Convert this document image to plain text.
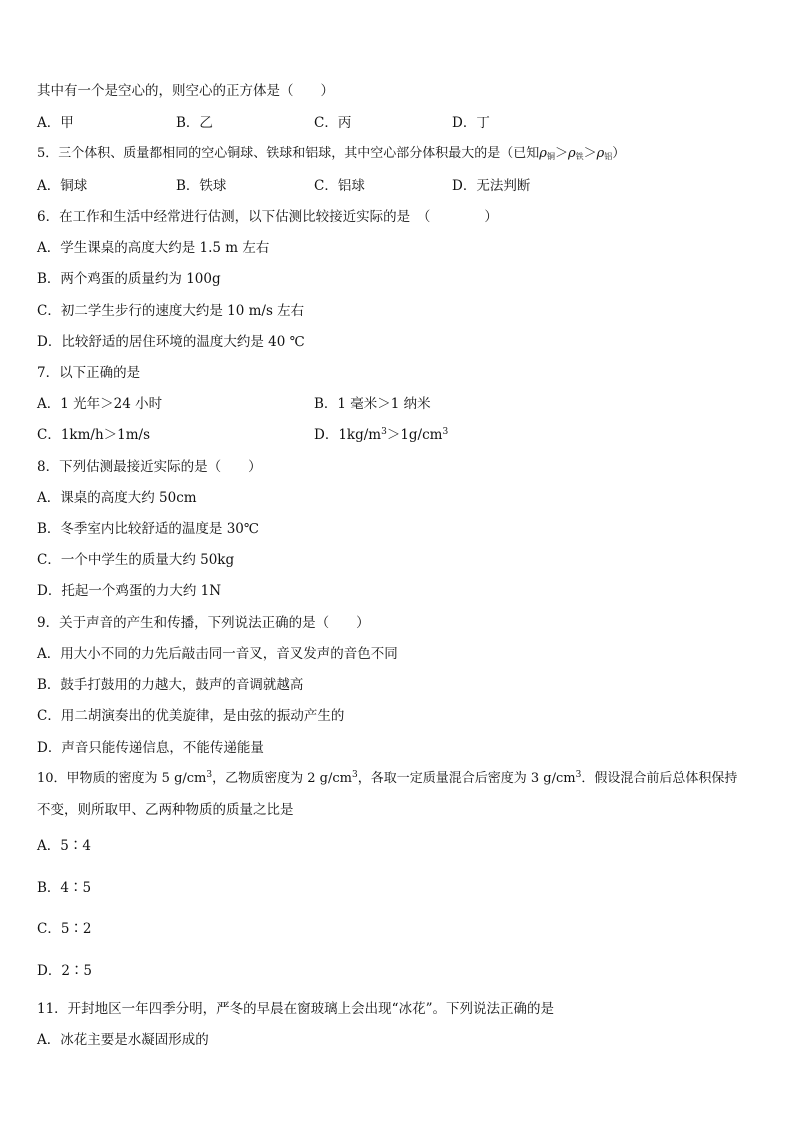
其中有一个是空心的，则空心的正方体是（　　）
A．甲	B．乙	C．丙	D．丁
5．三个体积、质量都相同的空心铜球、铁球和铝球，其中空心部分体积最大的是（已知$\rho_铜>\rho_铁>\rho_铝$）
A．铜球	B．铁球	C．铝球	D．无法判断
6．在工作和生活中经常进行估测，以下估测比较接近实际的是　（　　　　）
A．学生课桌的高度大约是 1.5 m 左右
B．两个鸡蛋的质量约为 100g
C．初二学生步行的速度大约是 10 m/s 左右
D．比较舒适的居住环境的温度大约是 40 ℃
7．以下正确的是
A．1 光年＞24 小时	B．1 毫米＞1 纳米
C．1km/h＞1m/s	D．$1kg/m^3>1g/cm^3$
8．下列估测最接近实际的是（　　）
A．课桌的高度大约 50cm
B．冬季室内比较舒适的温度是 30℃
C．一个中学生的质量大约 50kg
D．托起一个鸡蛋的力大约 1N
9．关于声音的产生和传播，下列说法正确的是（　　）
A．用大小不同的力先后敲击同一音叉，音叉发声的音色不同
B．鼓手打鼓用的力越大，鼓声的音调就越高
C．用二胡演奏出的优美旋律，是由弦的振动产生的
D．声音只能传递信息，不能传递能量
10．甲物质的密度为 5 $g/cm^3$，乙物质密度为 2 $g/cm^3$，各取一定质量混合后密度为 3 $g/cm^3$．假设混合前后总体积保持
不变，则所取甲、乙两种物质的质量之比是
A．5∶4
B．4∶5
C．5∶2
D．2∶5
11．开封地区一年四季分明，严冬的早晨在窗玻璃上会出现“冰花”。下列说法正确的是
A．冰花主要是水凝固形成的
